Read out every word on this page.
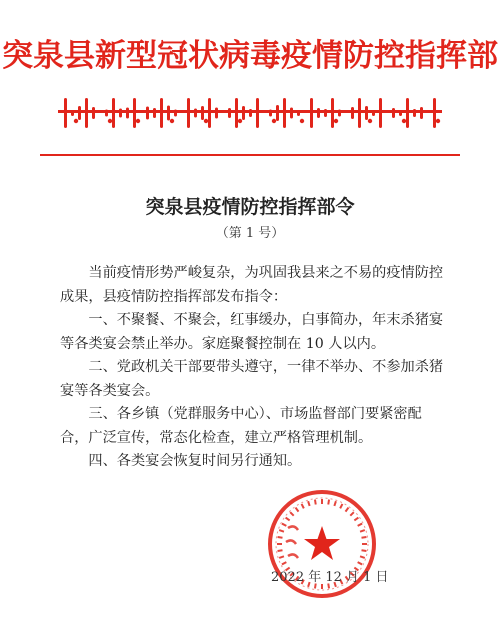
突泉县新型冠状病毒疫情防控指挥部
突泉县疫情防控指挥部令
（第 1 号）

当前疫情形势严峻复杂，为巩固我县来之不易的疫情防控成果，县疫情防控指挥部发布指令：

一、不聚餐、不聚会，红事缓办，白事简办，年末杀猪宴等各类宴会禁止举办。家庭聚餐控制在 10 人以内。

二、党政机关干部要带头遵守，一律不举办、不参加杀猪宴等各类宴会。

三、各乡镇（党群服务中心）、市场监督部门要紧密配合，广泛宣传，常态化检查，建立严格管理机制。

四、各类宴会恢复时间另行通知。

2022 年 12 月 1 日
